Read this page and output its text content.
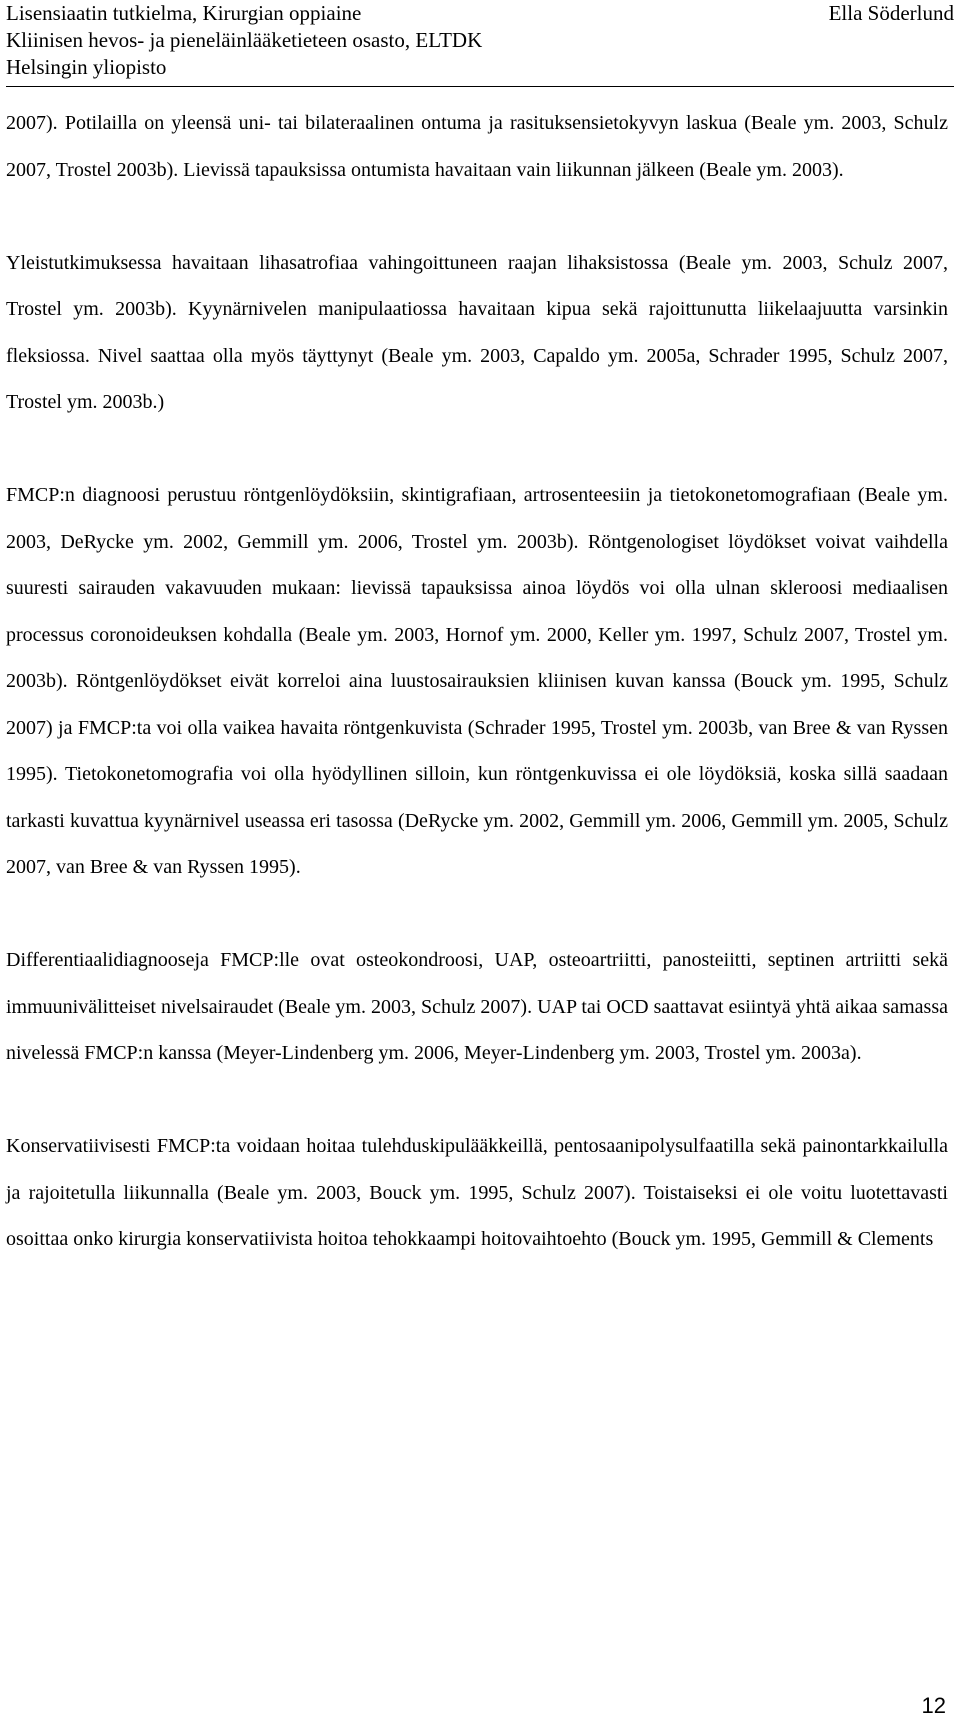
Lisensiaatin tutkielma, Kirurgian oppiaine
Kliinisen hevos- ja pieneläinlääketieteen osasto, ELTDK
Helsingin yliopisto
Ella Söderlund

2007). Potilailla on yleensä uni- tai bilateraalinen ontuma ja rasituksensietokyvyn laskua (Beale ym. 2003, Schulz 2007, Trostel 2003b). Lievissä tapauksissa ontumista havaitaan vain liikunnan jälkeen (Beale ym. 2003).

Yleistutkimuksessa havaitaan lihasatrofiaa vahingoittuneen raajan lihaksistossa (Beale ym. 2003, Schulz 2007, Trostel ym. 2003b). Kyynärnivelen manipulaatiossa havaitaan kipua sekä rajoittunutta liikelaajuutta varsinkin fleksiossa. Nivel saattaa olla myös täyttynyt (Beale ym. 2003, Capaldo ym. 2005a, Schrader 1995, Schulz 2007, Trostel ym. 2003b.)

FMCP:n diagnoosi perustuu röntgenlöydöksiin, skintigrafiaan, artrosenteesiin ja tietokonetomografiaan (Beale ym. 2003, DeRycke ym. 2002, Gemmill ym. 2006, Trostel ym. 2003b). Röntgenologiset löydökset voivat vaihdella suuresti sairauden vakavuuden mukaan: lievissä tapauksissa ainoa löydös voi olla ulnan skleroosi mediaalisen processus coronoideuksen kohdalla (Beale ym. 2003, Hornof ym. 2000, Keller ym. 1997, Schulz 2007, Trostel ym. 2003b). Röntgenlöydökset eivät korreloi aina luustosairauksien kliinisen kuvan kanssa (Bouck ym. 1995, Schulz 2007) ja FMCP:ta voi olla vaikea havaita röntgenkuvista (Schrader 1995, Trostel ym. 2003b, van Bree & van Ryssen 1995). Tietokonetomografia voi olla hyödyllinen silloin, kun röntgenkuvissa ei ole löydöksiä, koska sillä saadaan tarkasti kuvattua kyynärnivel useassa eri tasossa (DeRycke ym. 2002, Gemmill ym. 2006, Gemmill ym. 2005, Schulz 2007, van Bree & van Ryssen 1995).

Differentiaalidiagnooseja FMCP:lle ovat osteokondroosi, UAP, osteoartriitti, panosteiitti, septinen artriitti sekä immuunivälitteiset nivelsairaudet (Beale ym. 2003, Schulz 2007). UAP tai OCD saattavat esiintyä yhtä aikaa samassa nivelessä FMCP:n kanssa (Meyer-Lindenberg ym. 2006, Meyer-Lindenberg ym. 2003, Trostel ym. 2003a).

Konservatiivisesti FMCP:ta voidaan hoitaa tulehduskipulääkkeillä, pentosaanipolysulfaatilla sekä painontarkkailulla ja rajoitetulla liikunnalla (Beale ym. 2003, Bouck ym. 1995, Schulz 2007). Toistaiseksi ei ole voitu luotettavasti osoittaa onko kirurgia konservatiivista hoitoa tehokkaampi hoitovaihtoehto (Bouck ym. 1995, Gemmill & Clements

12
